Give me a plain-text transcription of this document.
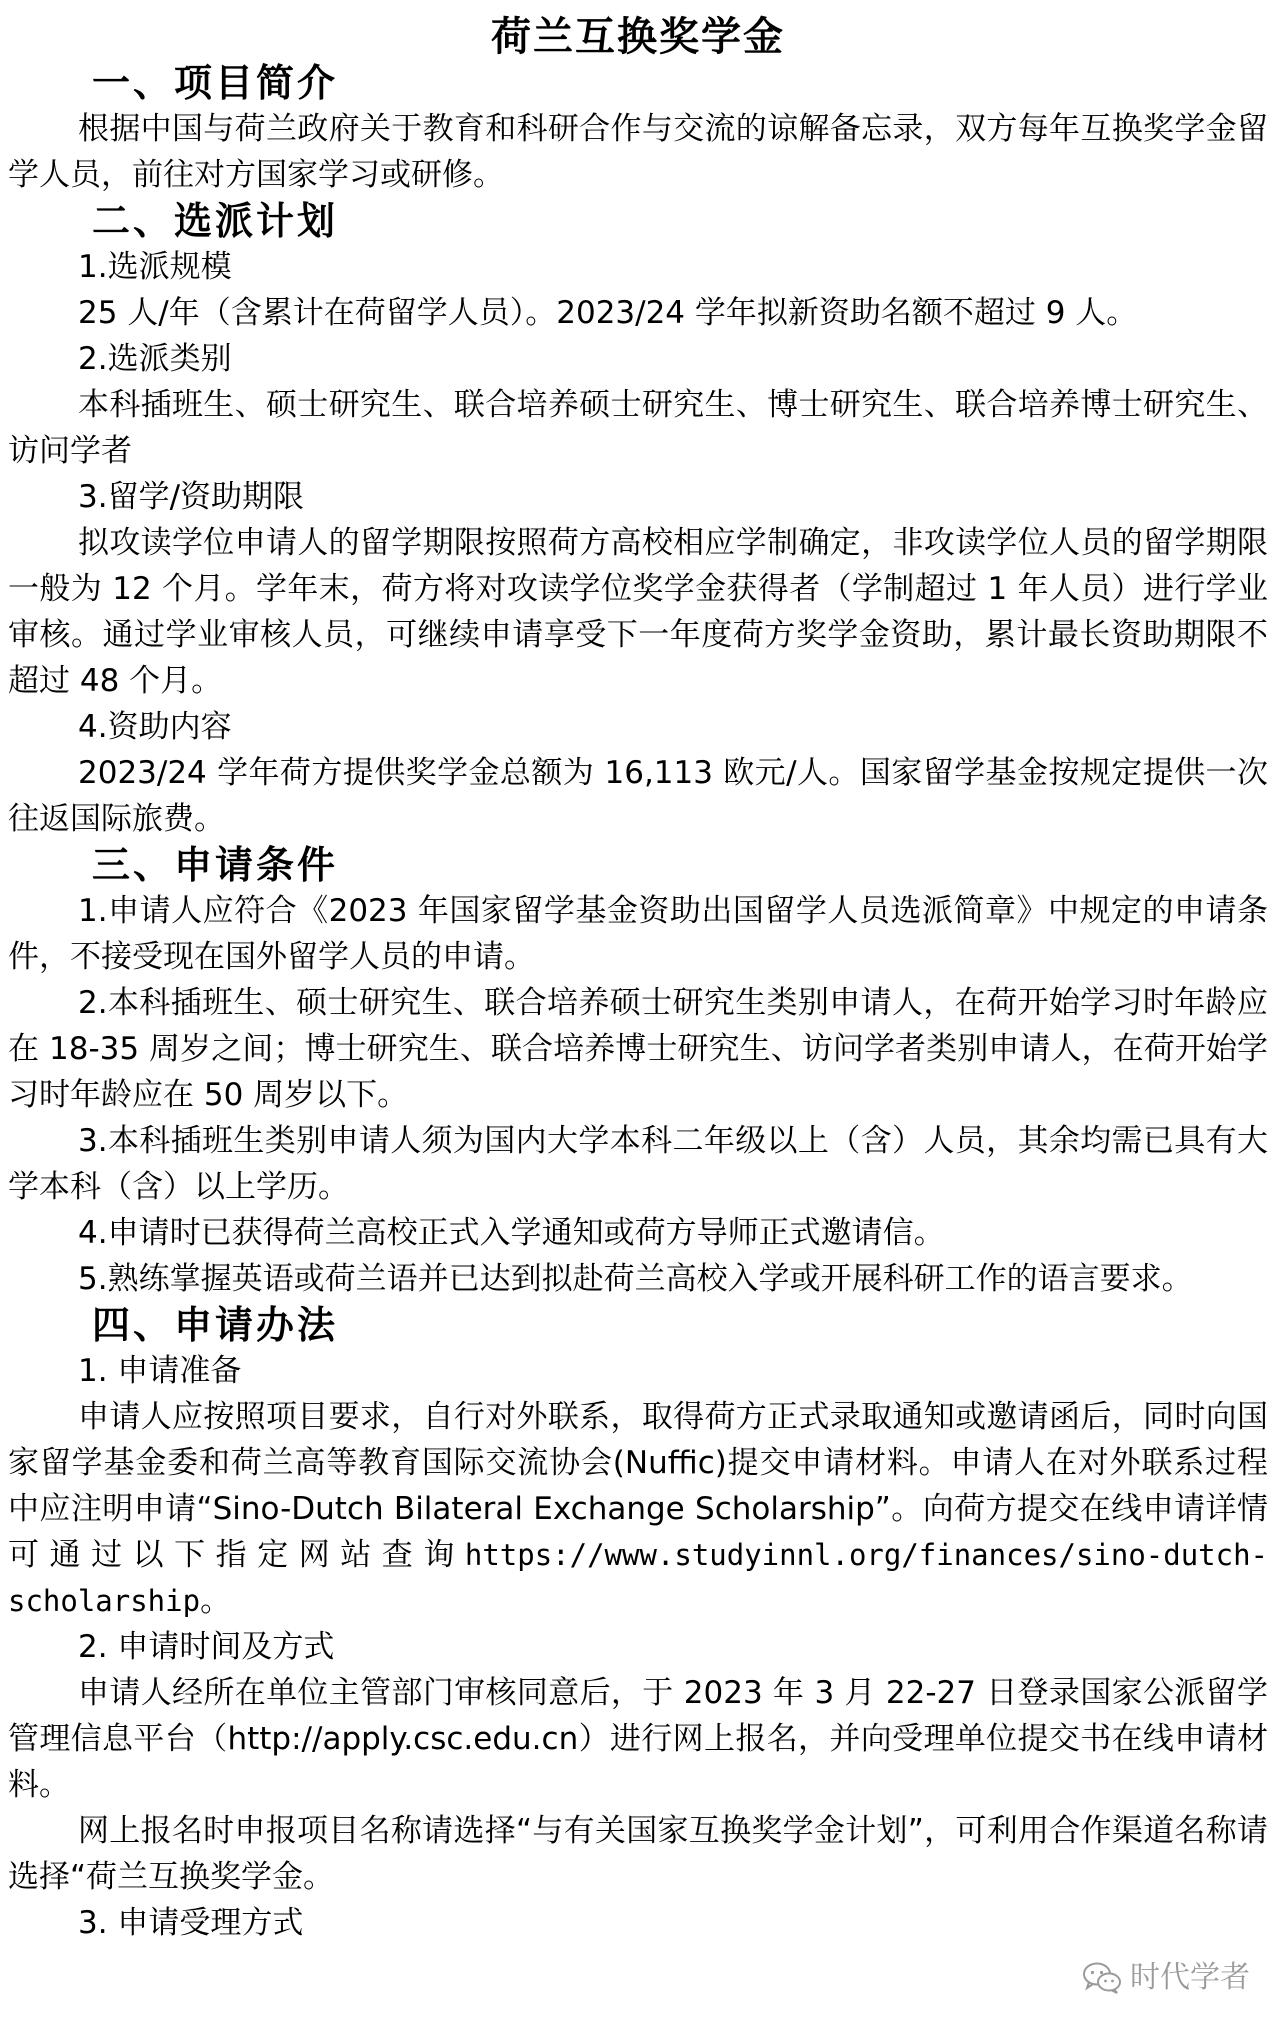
荷兰互换奖学金
一、项目简介

根据中国与荷兰政府关于教育和科研合作与交流的谅解备忘录，双方每年互换奖学金留学人员，前往对方国家学习或研修。

二、选派计划

1.选派规模

25 人/年（含累计在荷留学人员）。2023/24 学年拟新资助名额不超过 9 人。

2.选派类别

本科插班生、硕士研究生、联合培养硕士研究生、博士研究生、联合培养博士研究生、访问学者

3.留学/资助期限

拟攻读学位申请人的留学期限按照荷方高校相应学制确定，非攻读学位人员的留学期限一般为 12 个月。学年末，荷方将对攻读学位奖学金获得者（学制超过 1 年人员）进行学业审核。通过学业审核人员，可继续申请享受下一年度荷方奖学金资助，累计最长资助期限不超过 48 个月。

4.资助内容

2023/24 学年荷方提供奖学金总额为 16,113 欧元/人。国家留学基金按规定提供一次往返国际旅费。

三、申请条件

1.申请人应符合《2023 年国家留学基金资助出国留学人员选派简章》中规定的申请条件，不接受现在国外留学人员的申请。

2.本科插班生、硕士研究生、联合培养硕士研究生类别申请人，在荷开始学习时年龄应在 18-35 周岁之间；博士研究生、联合培养博士研究生、访问学者类别申请人，在荷开始学习时年龄应在 50 周岁以下。

3.本科插班生类别申请人须为国内大学本科二年级以上（含）人员，其余均需已具有大学本科（含）以上学历。

4.申请时已获得荷兰高校正式入学通知或荷方导师正式邀请信。

5.熟练掌握英语或荷兰语并已达到拟赴荷兰高校入学或开展科研工作的语言要求。

四、申请办法

1. 申请准备

申请人应按照项目要求，自行对外联系，取得荷方正式录取通知或邀请函后，同时向国家留学基金委和荷兰高等教育国际交流协会(Nuffic)提交申请材料。申请人在对外联系过程中应注明申请“Sino-Dutch Bilateral Exchange Scholarship”。向荷方提交在线申请详情可通过以下指定网站查询https://www.studyinnl.org/finances/sino-dutch-scholarship。

2. 申请时间及方式

申请人经所在单位主管部门审核同意后，于 2023 年 3 月 22-27 日登录国家公派留学管理信息平台（http://apply.csc.edu.cn）进行网上报名，并向受理单位提交书在线申请材料。

网上报名时申报项目名称请选择“与有关国家互换奖学金计划”，可利用合作渠道名称请选择“荷兰互换奖学金。

3. 申请受理方式

时代学者
